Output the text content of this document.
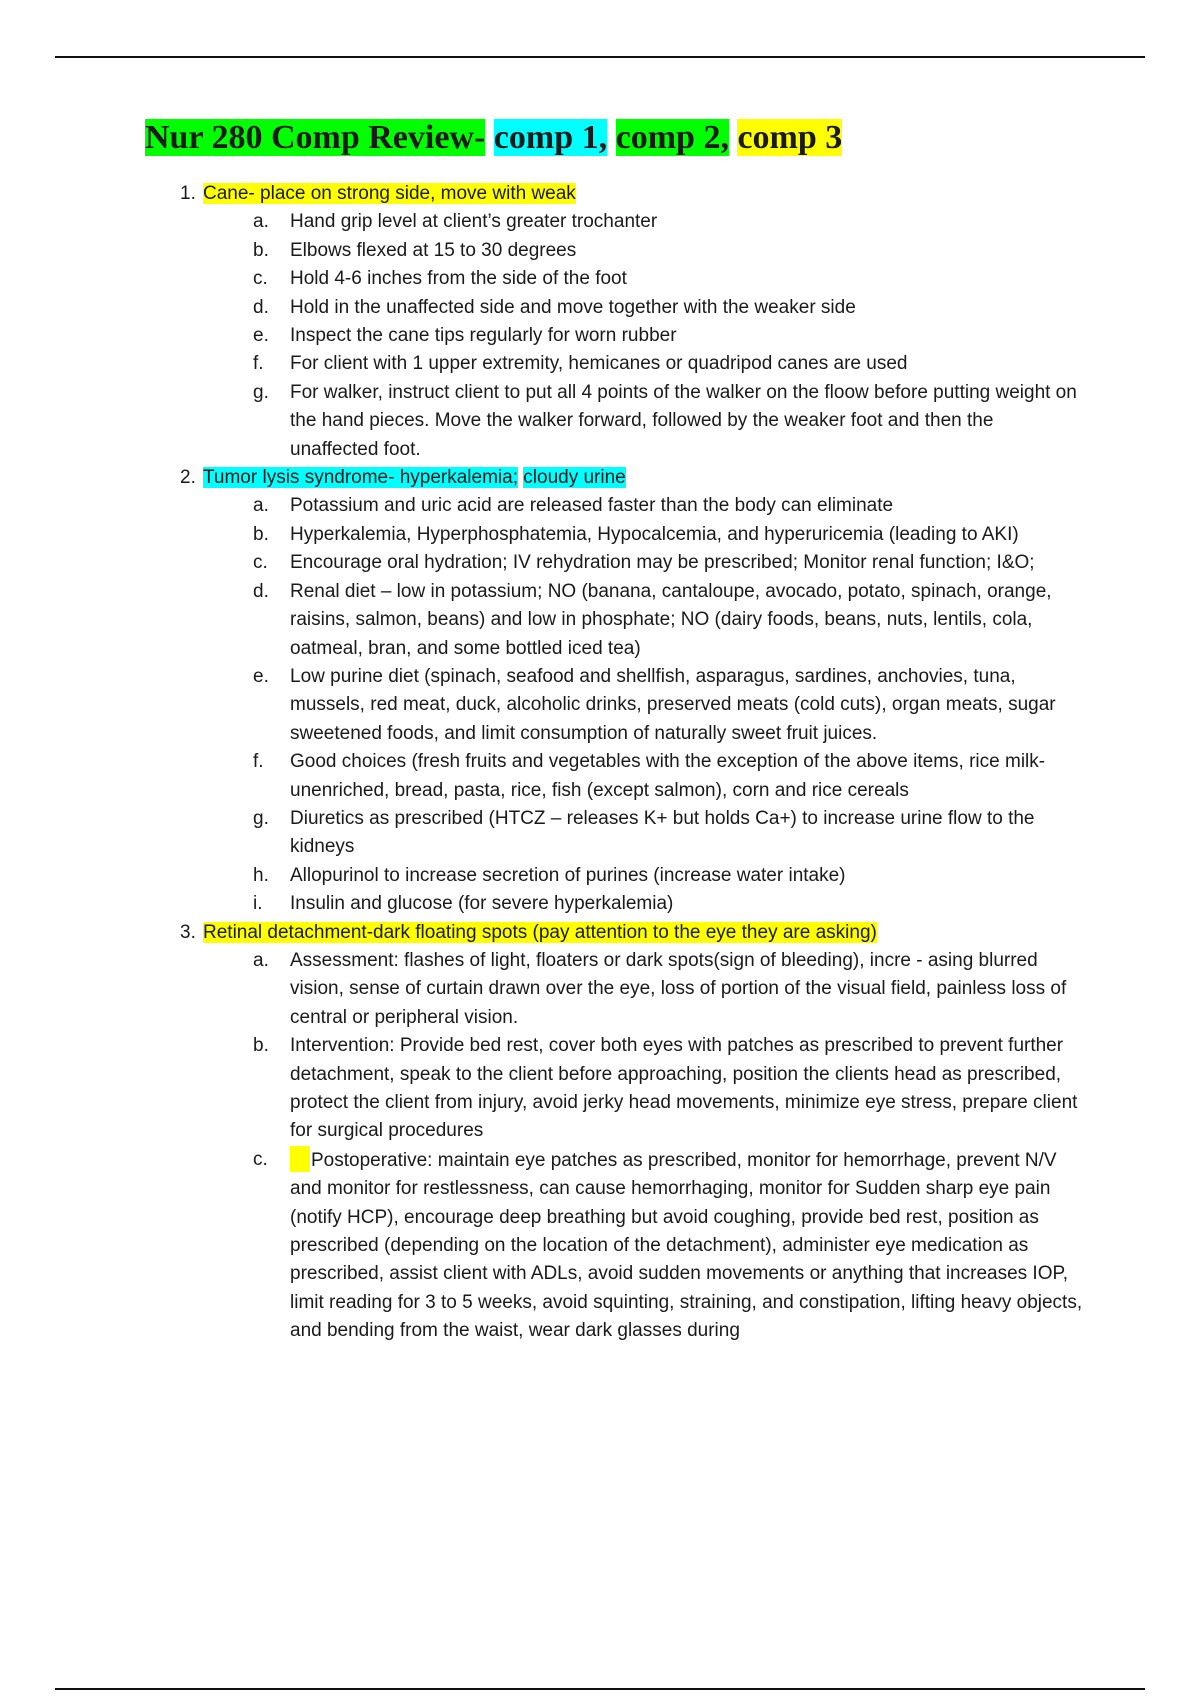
Nur 280 Comp Review- comp 1, comp 2, comp 3
1. Cane- place on strong side, move with weak
a. Hand grip level at client’s greater trochanter
b. Elbows flexed at 15 to 30 degrees
c. Hold 4-6 inches from the side of the foot
d. Hold in the unaffected side and move together with the weaker side
e. Inspect the cane tips regularly for worn rubber
f. For client with 1 upper extremity, hemicanes or quadripod canes are used
g. For walker, instruct client to put all 4 points of the walker on the floow before putting weight on the hand pieces. Move the walker forward, followed by the weaker foot and then the unaffected foot.
2. Tumor lysis syndrome- hyperkalemia; cloudy urine
a. Potassium and uric acid are released faster than the body can eliminate
b. Hyperkalemia, Hyperphosphatemia, Hypocalcemia, and hyperuricemia (leading to AKI)
c. Encourage oral hydration; IV rehydration may be prescribed; Monitor renal function; I&O;
d. Renal diet – low in potassium; NO (banana, cantaloupe, avocado, potato, spinach, orange, raisins, salmon, beans) and low in phosphate; NO (dairy foods, beans, nuts, lentils, cola, oatmeal, bran, and some bottled iced tea)
e. Low purine diet (spinach, seafood and shellfish, asparagus, sardines, anchovies, tuna, mussels, red meat, duck, alcoholic drinks, preserved meats (cold cuts), organ meats, sugar sweetened foods, and limit consumption of naturally sweet fruit juices.
f. Good choices (fresh fruits and vegetables with the exception of the above items, rice milk-unenriched, bread, pasta, rice, fish (except salmon), corn and rice cereals
g. Diuretics as prescribed (HTCZ – releases K+ but holds Ca+) to increase urine flow to the kidneys
h. Allopurinol to increase secretion of purines (increase water intake)
i. Insulin and glucose (for severe hyperkalemia)
3. Retinal detachment-dark floating spots (pay attention to the eye they are asking)
a. Assessment: flashes of light, floaters or dark spots(sign of bleeding), incre - asing blurred vision, sense of curtain drawn over the eye, loss of portion of the visual field, painless loss of central or peripheral vision.
b. Intervention: Provide bed rest, cover both eyes with patches as prescribed to prevent further detachment, speak to the client before approaching, position the clients head as prescribed, protect the client from injury, avoid jerky head movements, minimize eye stress, prepare client for surgical procedures
c. Postoperative: maintain eye patches as prescribed, monitor for hemorrhage, prevent N/V and monitor for restlessness, can cause hemorrhaging, monitor for Sudden sharp eye pain (notify HCP), encourage deep breathing but avoid coughing, provide bed rest, position as prescribed (depending on the location of the detachment), administer eye medication as prescribed, assist client with ADLs, avoid sudden movements or anything that increases IOP, limit reading for 3 to 5 weeks, avoid squinting, straining, and constipation, lifting heavy objects, and bending from the waist, wear dark glasses during
